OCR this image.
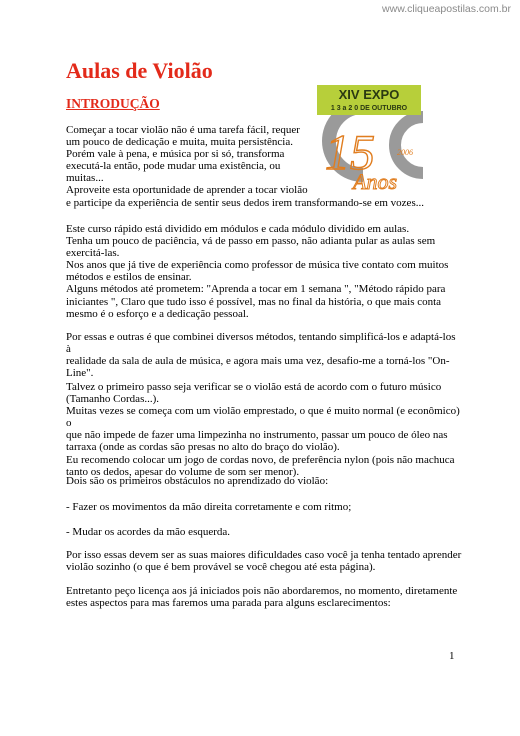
www.cliqueapostilas.com.br
Aulas de Violão
INTRODUÇÃO
XIV EXPO
1 3 a 2 0 DE OUTUBRO
15	2006
Anos
Começar a tocar violão não é uma tarefa fácil, requer
um pouco de dedicação e muita, muita persistência.
Porém vale à pena, e música por si só, transforma
executá-la então, pode mudar uma existência, ou
muitas...
Aproveite esta oportunidade de aprender a tocar violão
e participe da experiência de sentir seus dedos irem transformando-se em vozes...
Este curso rápido está dividido em módulos e cada módulo dividido em aulas.
Tenha um pouco de paciência, vá de passo em passo, não adianta pular as aulas sem
exercitá-las.
Nos anos que já tive de experiência como professor de música tive contato com muitos
métodos e estilos de ensinar.
Alguns métodos até prometem: "Aprenda a tocar em 1 semana ", "Método rápido para
iniciantes ", Claro que tudo isso é possível, mas no final da história, o que mais conta
mesmo é o esforço e a dedicação pessoal.
Por essas e outras é que combinei diversos métodos, tentando simplificá-los e adaptá-los à
realidade da sala de aula de música, e agora mais uma vez, desafio-me a torná-los "On-
Line".
Talvez o primeiro passo seja verificar se o violão está de acordo com o futuro músico
(Tamanho Cordas...).
Muitas vezes se começa com um violão emprestado, o que é muito normal (e econômico) o
que não impede de fazer uma limpezinha no instrumento, passar um pouco de óleo nas
tarraxa (onde as cordas são presas no alto do braço do violão).
Eu recomendo colocar um jogo de cordas novo, de preferência nylon (pois não machuca
tanto os dedos, apesar do volume de som ser menor).
Dois são os primeiros obstáculos no aprendizado do violão:
- Fazer os movimentos da mão direita corretamente e com ritmo;
- Mudar os acordes da mão esquerda.
Por isso essas devem ser as suas maiores dificuldades caso você ja tenha tentado aprender
violão sozinho (o que é bem provável se você chegou até esta página).
Entretanto peço licença aos já iniciados pois não abordaremos, no momento, diretamente
estes aspectos para mas faremos uma parada para alguns esclarecimentos:
1
